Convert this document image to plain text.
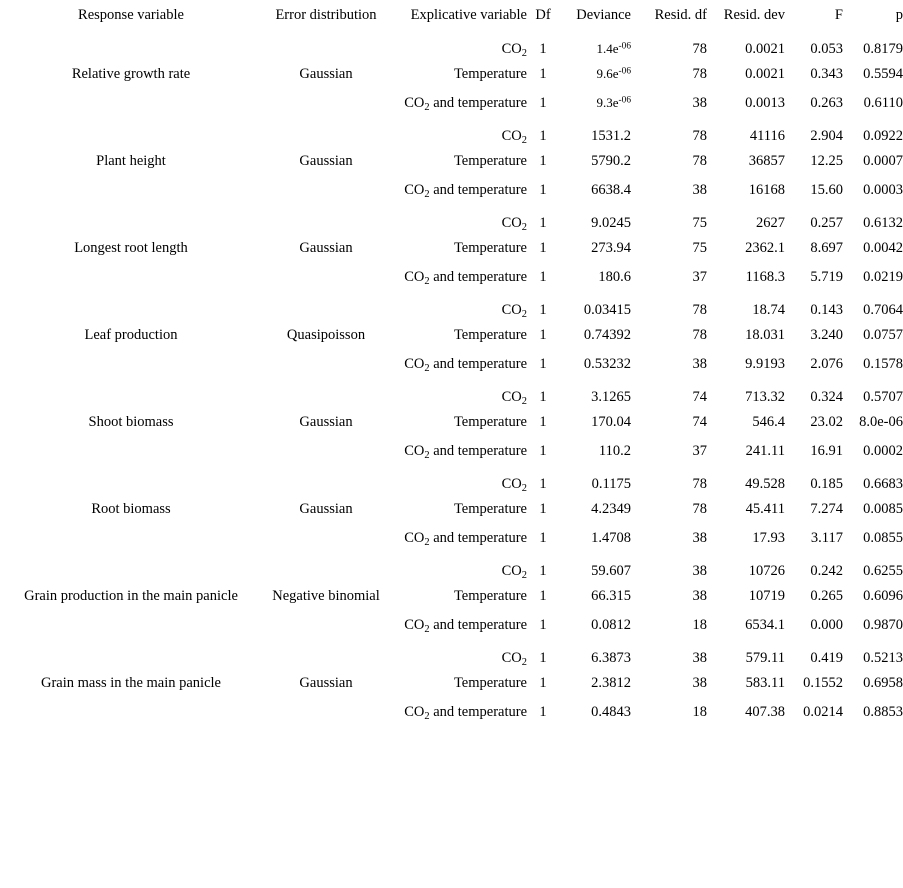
Response variable	Error distribution	Explicative variable	Df	Deviance	Resid. df	Resid. dev	F	p
		$CO_2$	1	$1.4e^{-06}$	78	0.0021	0.053	0.8179
Relative growth rate	Gaussian	Temperature	1	$9.6e^{-06}$	78	0.0021	0.343	0.5594
		$CO_2$ and temperature	1	$9.3e^{-06}$	38	0.0013	0.263	0.6110
		$CO_2$	1	1531.2	78	41116	2.904	0.0922
Plant height	Gaussian	Temperature	1	5790.2	78	36857	12.25	0.0007
		$CO_2$ and temperature	1	6638.4	38	16168	15.60	0.0003
		$CO_2$	1	9.0245	75	2627	0.257	0.6132
Longest root length	Gaussian	Temperature	1	273.94	75	2362.1	8.697	0.0042
		$CO_2$ and temperature	1	180.6	37	1168.3	5.719	0.0219
		$CO_2$	1	0.03415	78	18.74	0.143	0.7064
Leaf production	Quasipoisson	Temperature	1	0.74392	78	18.031	3.240	0.0757
		$CO_2$ and temperature	1	0.53232	38	9.9193	2.076	0.1578
		$CO_2$	1	3.1265	74	713.32	0.324	0.5707
Shoot biomass	Gaussian	Temperature	1	170.04	74	546.4	23.02	8.0e-06
		$CO_2$ and temperature	1	110.2	37	241.11	16.91	0.0002
		$CO_2$	1	0.1175	78	49.528	0.185	0.6683
Root biomass	Gaussian	Temperature	1	4.2349	78	45.411	7.274	0.0085
		$CO_2$ and temperature	1	1.4708	38	17.93	3.117	0.0855
		$CO_2$	1	59.607	38	10726	0.242	0.6255
Grain production in the main panicle	Negative binomial	Temperature	1	66.315	38	10719	0.265	0.6096
		$CO_2$ and temperature	1	0.0812	18	6534.1	0.000	0.9870
		$CO_2$	1	6.3873	38	579.11	0.419	0.5213
Grain mass in the main panicle	Gaussian	Temperature	1	2.3812	38	583.11	0.1552	0.6958
		$CO_2$ and temperature	1	0.4843	18	407.38	0.0214	0.8853
